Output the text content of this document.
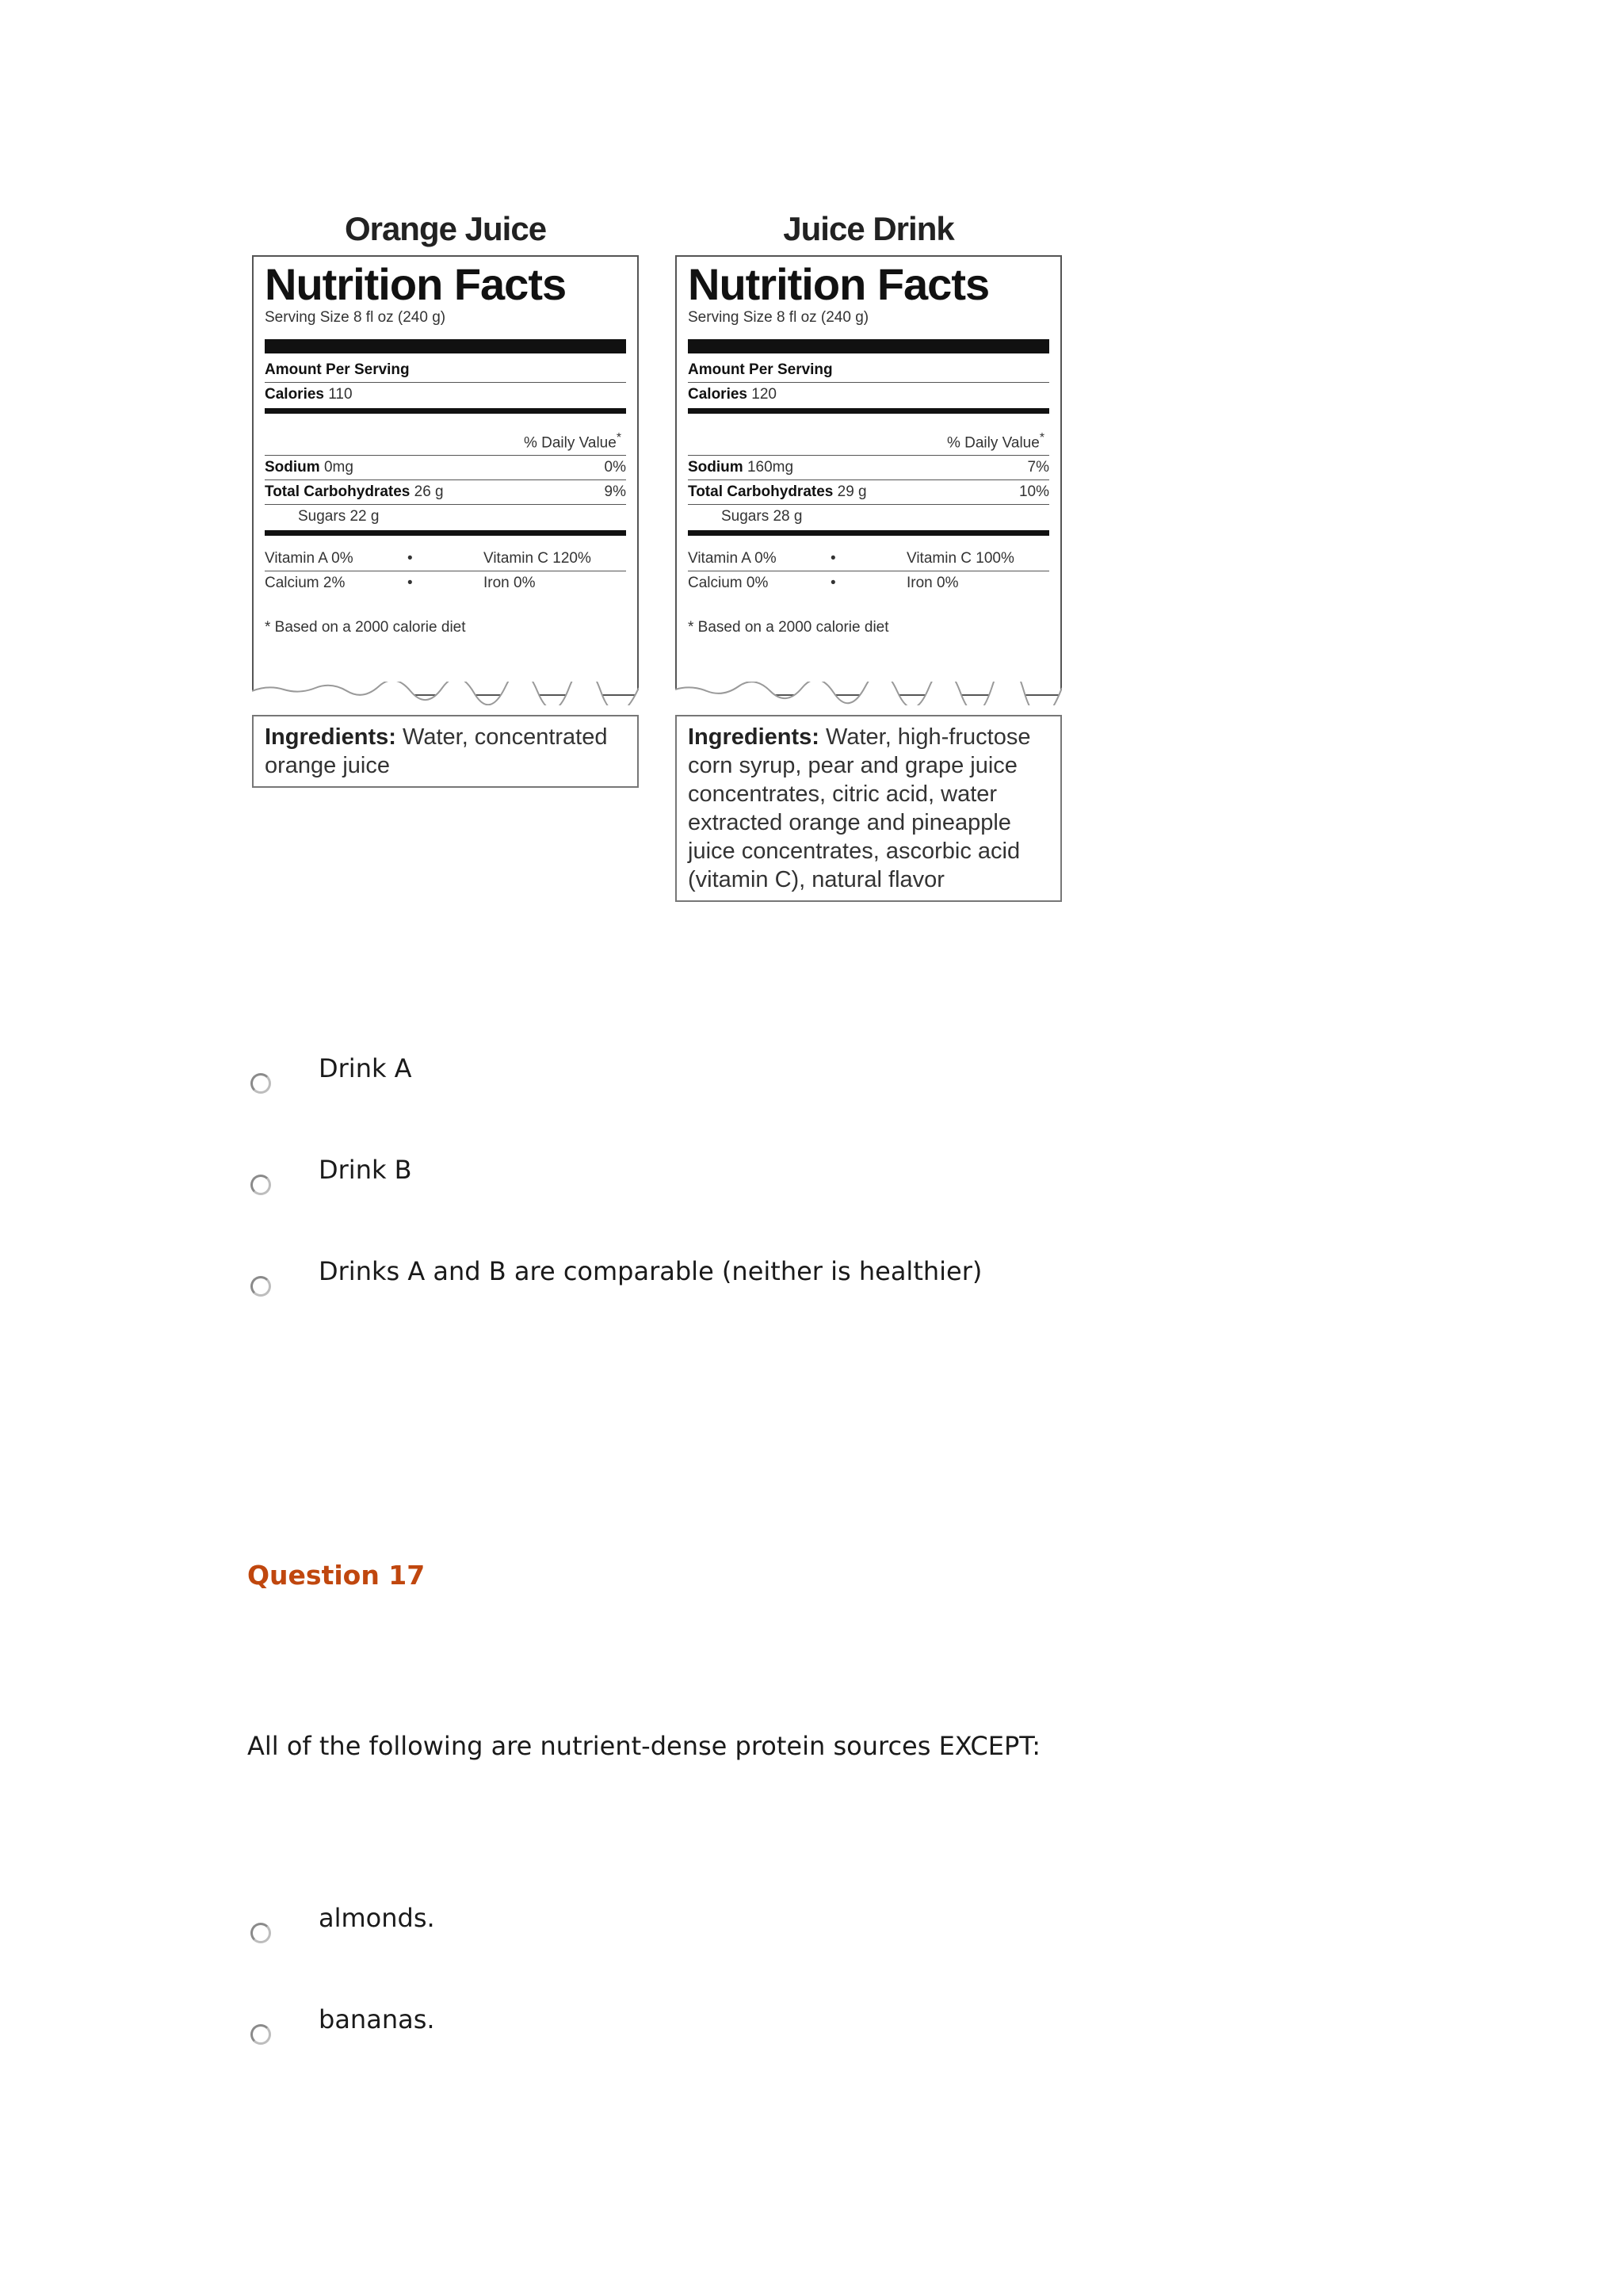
Orange Juice
Nutrition Facts
Serving Size 8 fl oz (240 g)
Amount Per Serving
Calories 110
% Daily Value*
Sodium 0mg	0%
Total Carbohydrates 26 g	9%
Sugars 22 g
Vitamin A 0%	•	Vitamin C 120%
Calcium 2%	•	Iron 0%
* Based on a 2000 calorie diet
Ingredients: Water, concentrated orange juice
Juice Drink
Nutrition Facts
Serving Size 8 fl oz (240 g)
Amount Per Serving
Calories 120
% Daily Value*
Sodium 160mg	7%
Total Carbohydrates 29 g	10%
Sugars 28 g
Vitamin A 0%	•	Vitamin C 100%
Calcium 0%	•	Iron 0%
* Based on a 2000 calorie diet
Ingredients: Water, high-fructose corn syrup, pear and grape juice concentrates, citric acid, water extracted orange and pineapple juice concentrates, ascorbic acid (vitamin C), natural flavor
Drink A
Drink B
Drinks A and B are comparable (neither is healthier)
Question 17
All of the following are nutrient-dense protein sources EXCEPT:
almonds.
bananas.
